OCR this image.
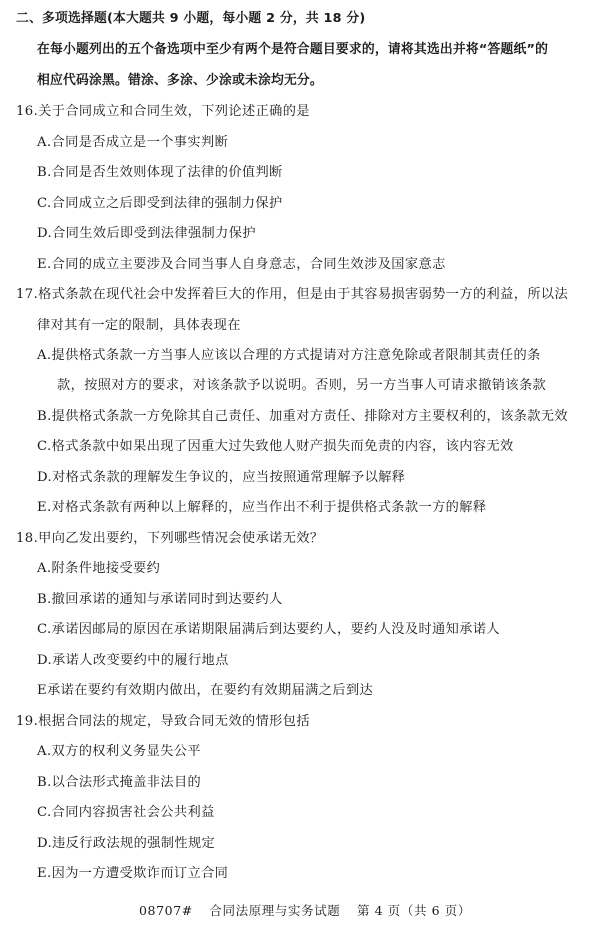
二、多项选择题(本大题共 9 小题，每小题 2 分，共 18 分)
在每小题列出的五个备选项中至少有两个是符合题目要求的，请将其选出并将“答题纸”的
相应代码涂黑。错涂、多涂、少涂或未涂均无分。
16.关于合同成立和合同生效，下列论述正确的是
A.合同是否成立是一个事实判断
B.合同是否生效则体现了法律的价值判断
C.合同成立之后即受到法律的强制力保护
D.合同生效后即受到法律强制力保护
E.合同的成立主要涉及合同当事人自身意志，合同生效涉及国家意志
17.格式条款在现代社会中发挥着巨大的作用，但是由于其容易损害弱势一方的利益，所以法
律对其有一定的限制，具体表现在
A.提供格式条款一方当事人应该以合理的方式提请对方注意免除或者限制其责任的条
款，按照对方的要求，对该条款予以说明。否则，另一方当事人可请求撤销该条款
B.提供格式条款一方免除其自己责任、加重对方责任、排除对方主要权利的，该条款无效
C.格式条款中如果出现了因重大过失致他人财产损失而免责的内容，该内容无效
D.对格式条款的理解发生争议的，应当按照通常理解予以解释
E.对格式条款有两种以上解释的，应当作出不利于提供格式条款一方的解释
18.甲向乙发出要约，下列哪些情况会使承诺无效？
A.附条件地接受要约
B.撤回承诺的通知与承诺同时到达要约人
C.承诺因邮局的原因在承诺期限届满后到达要约人，要约人没及时通知承诺人
D.承诺人改变要约中的履行地点
E承诺在要约有效期内做出，在要约有效期届满之后到达
19.根据合同法的规定，导致合同无效的情形包括
A.双方的权利义务显失公平
B.以合法形式掩盖非法目的
C.合同内容损害社会公共利益
D.违反行政法规的强制性规定
E.因为一方遭受欺诈而订立合同
08707# 合同法原理与实务试题 第 4 页（共 6 页）
